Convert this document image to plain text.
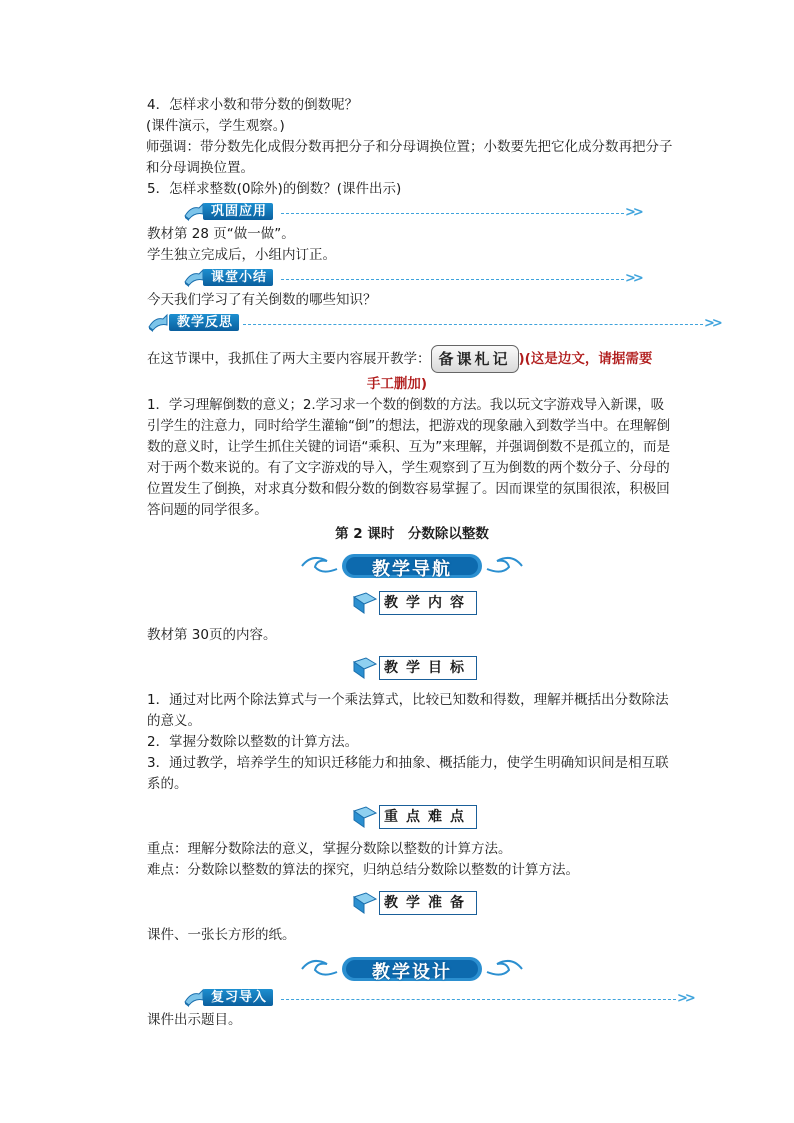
4．怎样求小数和带分数的倒数呢？

(课件演示，学生观察。)

师强调：带分数先化成假分数再把分子和分母调换位置；小数要先把它化成分数再把分子和分母调换位置。

5．怎样求整数(0除外)的倒数？(课件出示)

巩固应用	>>

教材第 28 页“做一做”。

学生独立完成后，小组内订正。

课堂小结	>>

今天我们学习了有关倒数的哪些知识？

教学反思	>>

在这节课中，我抓住了两大主要内容展开教学： 备课札记 )(这是边文，请据需要

手工删加)

1．学习理解倒数的意义；2.学习求一个数的倒数的方法。我以玩文字游戏导入新课，吸引学生的注意力，同时给学生灌输“倒”的想法，把游戏的现象融入到数学当中。在理解倒数的意义时，让学生抓住关键的词语“乘积、互为”来理解，并强调倒数不是孤立的，而是对于两个数来说的。有了文字游戏的导入，学生观察到了互为倒数的两个数分子、分母的位置发生了倒换，对求真分数和假分数的倒数容易掌握了。因而课堂的氛围很浓，积极回答问题的同学很多。

第 2 课时　分数除以整数

教学导航
教学内容

教材第 30页的内容。

教学目标

1．通过对比两个除法算式与一个乘法算式，比较已知数和得数，理解并概括出分数除法的意义。

2．掌握分数除以整数的计算方法。

3．通过教学，培养学生的知识迁移能力和抽象、概括能力，使学生明确知识间是相互联系的。

重点难点

重点：理解分数除法的意义，掌握分数除以整数的计算方法。

难点：分数除以整数的算法的探究，归纳总结分数除以整数的计算方法。

教学准备

课件、一张长方形的纸。

教学设计
复习导入	>>

课件出示题目。
